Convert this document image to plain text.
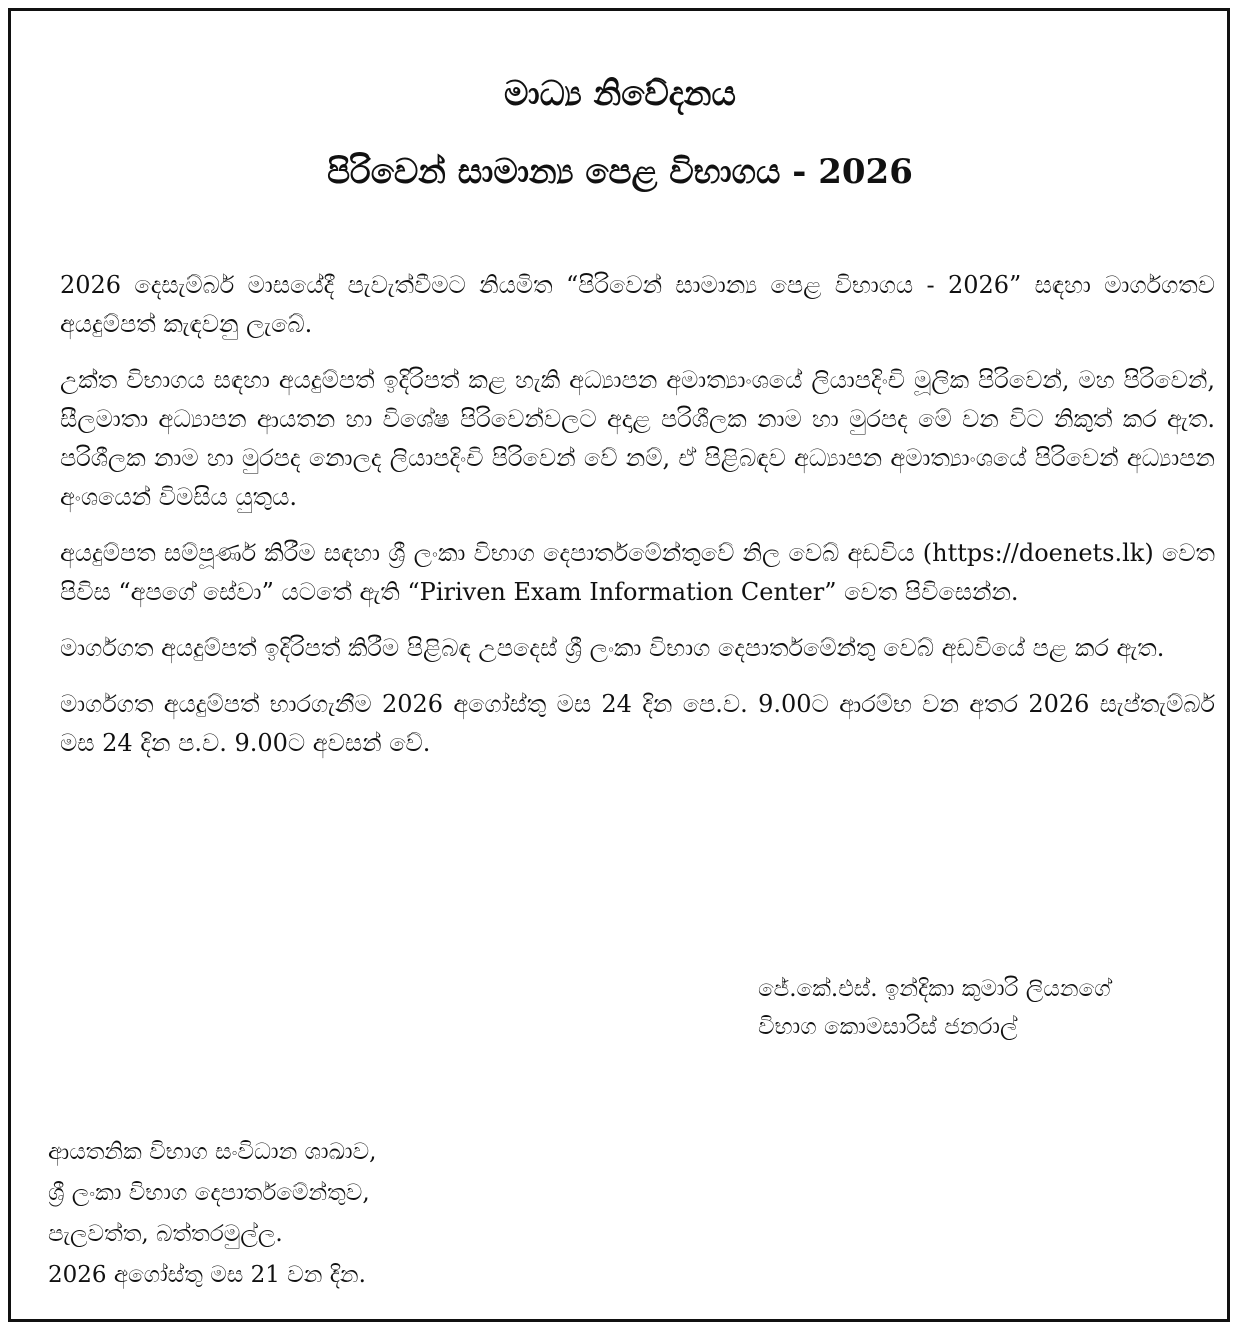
මාධ්‍ය නිවේදනය
පිරිවෙන් සාමාන්‍ය පෙළ විභාගය - 2026

2026 දෙසැම්බර් මාසයේදී පැවැත්වීමට නියමිත “පිරිවෙන් සාමාන්‍ය පෙළ විභාගය - 2026” සඳහා මාර්ගගතව අයදුම්පත් කැඳවනු ලැබේ.

උක්ත විභාගය සඳහා අයදුම්පත් ඉදිරිපත් කළ හැකි අධ්‍යාපන අමාත්‍යාංශයේ ලියාපදිංචි මූලික පිරිවෙන්, මහ පිරිවෙන්, සීලමාතා අධ්‍යාපන ආයතන හා විශේෂ පිරිවෙන්වලට අදාළ පරිශීලක නාම හා මුරපද මේ වන විට නිකුත් කර ඇත. පරිශීලක නාම හා මුරපද නොලද ලියාපදිංචි පිරිවෙන් වේ නම්, ඒ පිළිබඳව අධ්‍යාපන අමාත්‍යාංශයේ පිරිවෙන් අධ්‍යාපන අංශයෙන් විමසිය යුතුය.

අයදුම්පත සම්පූර්ණ කිරීම සඳහා ශ්‍රී ලංකා විභාග දෙපාර්තමේන්තුවේ නිල වෙබ් අඩවිය (https://doenets.lk) වෙත පිවිස “අපගේ සේවා” යටතේ ඇති “Piriven Exam Information Center” වෙත පිවිසෙන්න.

මාර්ගගත අයදුම්පත් ඉදිරිපත් කිරීම පිළිබඳ උපදෙස් ශ්‍රී ලංකා විභාග දෙපාර්තමේන්තු වෙබ් අඩවියේ පළ කර ඇත.

මාර්ගගත අයදුම්පත් භාරගැනීම 2026 අගෝස්තු මස 24 දින පෙ.ව. 9.00ට ආරම්භ වන අතර 2026 සැප්තැම්බර් මස 24 දින ප.ව. 9.00ට අවසන් වේ.

ජේ.කේ.එස්. ඉන්දිකා කුමාරි ලියනගේ
විභාග කොමසාරිස් ජනරාල්
ආයතනික විභාග සංවිධාන ශාඛාව,
ශ්‍රී ලංකා විභාග දෙපාර්තමේන්තුව,
පැලවත්ත, බත්තරමුල්ල.
2026 අගෝස්තු මස 21 වන දින.
